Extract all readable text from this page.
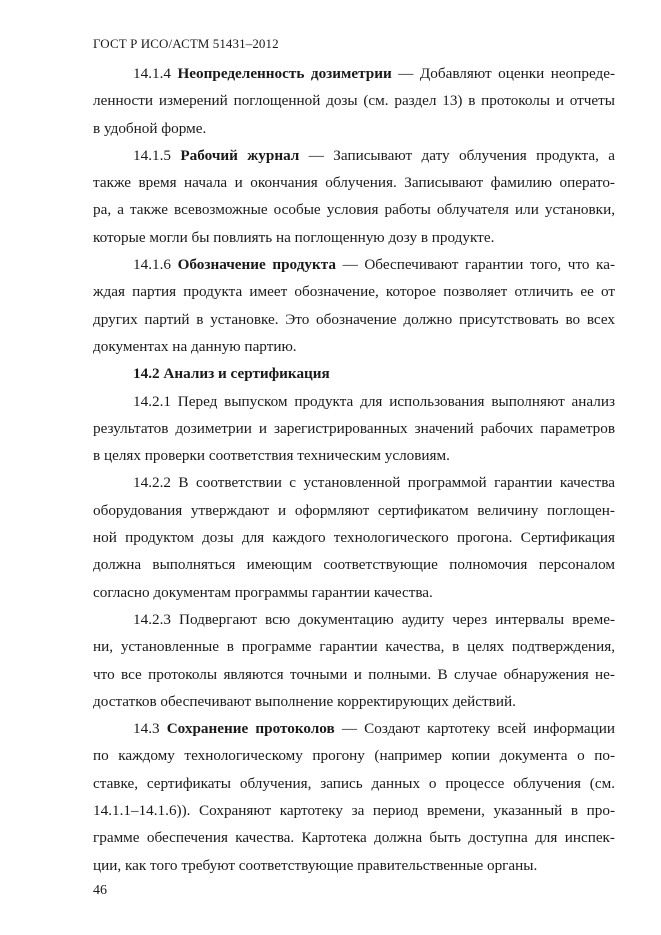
ГОСТ Р ИСО/АСТМ 51431–2012
14.1.4 Неопределенность дозиметрии — Добавляют оценки неопреде-
ленности измерений поглощенной дозы (см. раздел 13) в протоколы и отчеты
в удобной форме.
14.1.5 Рабочий журнал — Записывают дату облучения продукта, а
также время начала и окончания облучения. Записывают фамилию операто-
ра, а также всевозможные особые условия работы облучателя или установки,
которые могли бы повлиять на поглощенную дозу в продукте.
14.1.6 Обозначение продукта — Обеспечивают гарантии того, что ка-
ждая партия продукта имеет обозначение, которое позволяет отличить ее от
других партий в установке. Это обозначение должно присутствовать во всех
документах на данную партию.
14.2 Анализ и сертификация
14.2.1 Перед выпуском продукта для использования выполняют анализ
результатов дозиметрии и зарегистрированных значений рабочих параметров
в целях проверки соответствия техническим условиям.
14.2.2 В соответствии с установленной программой гарантии качества
оборудования утверждают и оформляют сертификатом величину поглощен-
ной продуктом дозы для каждого технологического прогона. Сертификация
должна выполняться имеющим соответствующие полномочия персоналом
согласно документам программы гарантии качества.
14.2.3 Подвергают всю документацию аудиту через интервалы време-
ни, установленные в программе гарантии качества, в целях подтверждения,
что все протоколы являются точными и полными. В случае обнаружения не-
достатков обеспечивают выполнение корректирующих действий.
14.3 Сохранение протоколов — Создают картотеку всей информации
по каждому технологическому прогону (например копии документа о по-
ставке, сертификаты облучения, запись данных о процессе облучения (см.
14.1.1–14.1.6)). Сохраняют картотеку за период времени, указанный в про-
грамме обеспечения качества. Картотека должна быть доступна для инспек-
ции, как того требуют соответствующие правительственные органы.
46
